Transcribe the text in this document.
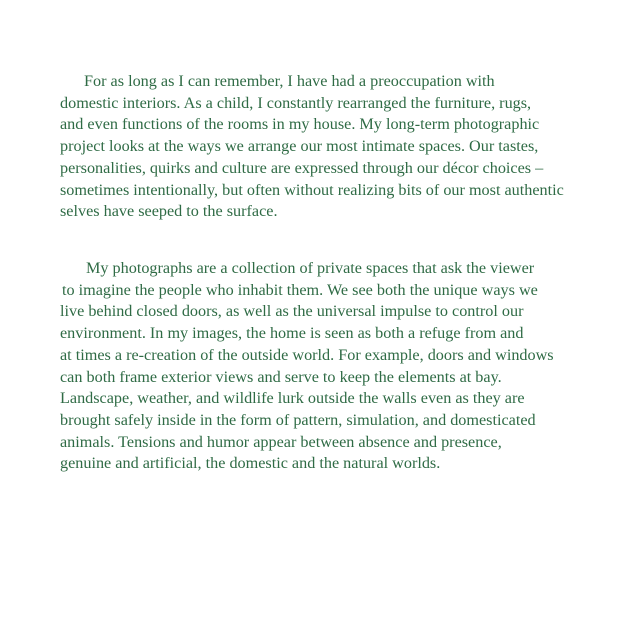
For as long as I can remember, I have had a preoccupation with
domestic interiors. As a child, I constantly rearranged the furniture, rugs,
and even functions of the rooms in my house. My long-term photographic
project looks at the ways we arrange our most intimate spaces. Our tastes,
personalities, quirks and culture are expressed through our décor choices –
sometimes intentionally, but often without realizing bits of our most authentic
selves have seeped to the surface.

My photographs are a collection of private spaces that ask the viewer
to imagine the people who inhabit them. We see both the unique ways we
live behind closed doors, as well as the universal impulse to control our
environment. In my images, the home is seen as both a refuge from and
at times a re-creation of the outside world. For example, doors and windows
can both frame exterior views and serve to keep the elements at bay.
Landscape, weather, and wildlife lurk outside the walls even as they are
brought safely inside in the form of pattern, simulation, and domesticated
animals. Tensions and humor appear between absence and presence,
genuine and artificial, the domestic and the natural worlds.
